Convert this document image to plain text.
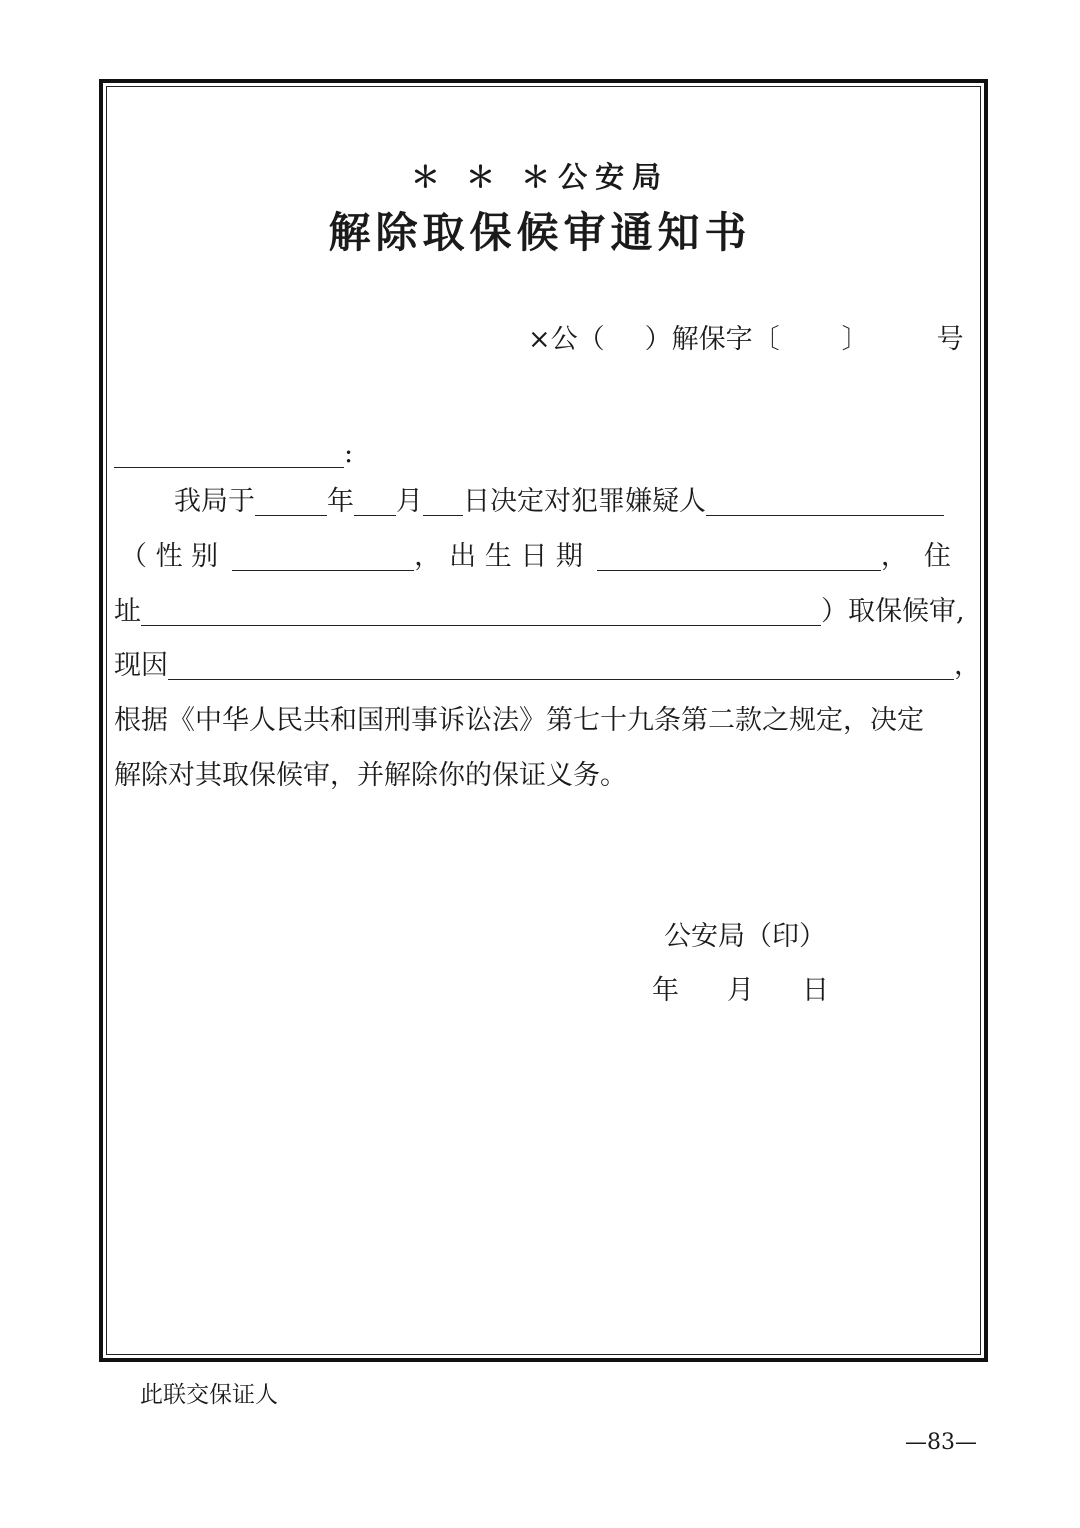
＊ ＊ ＊公安局
解除取保候审通知书
×公（ ）解保字〔 〕	号
:
我局于	年 月 日决定对犯罪嫌疑人
（ 性 别	， 出 生 日 期	， 住
址	）取保候审,
现因	，
根据《中华人民共和国刑事诉讼法》第七十九条第二款之规定，决定
解除对其取保候审，并解除你的保证义务。
公安局（印）
年 月 日
此联交保证人
—83—
